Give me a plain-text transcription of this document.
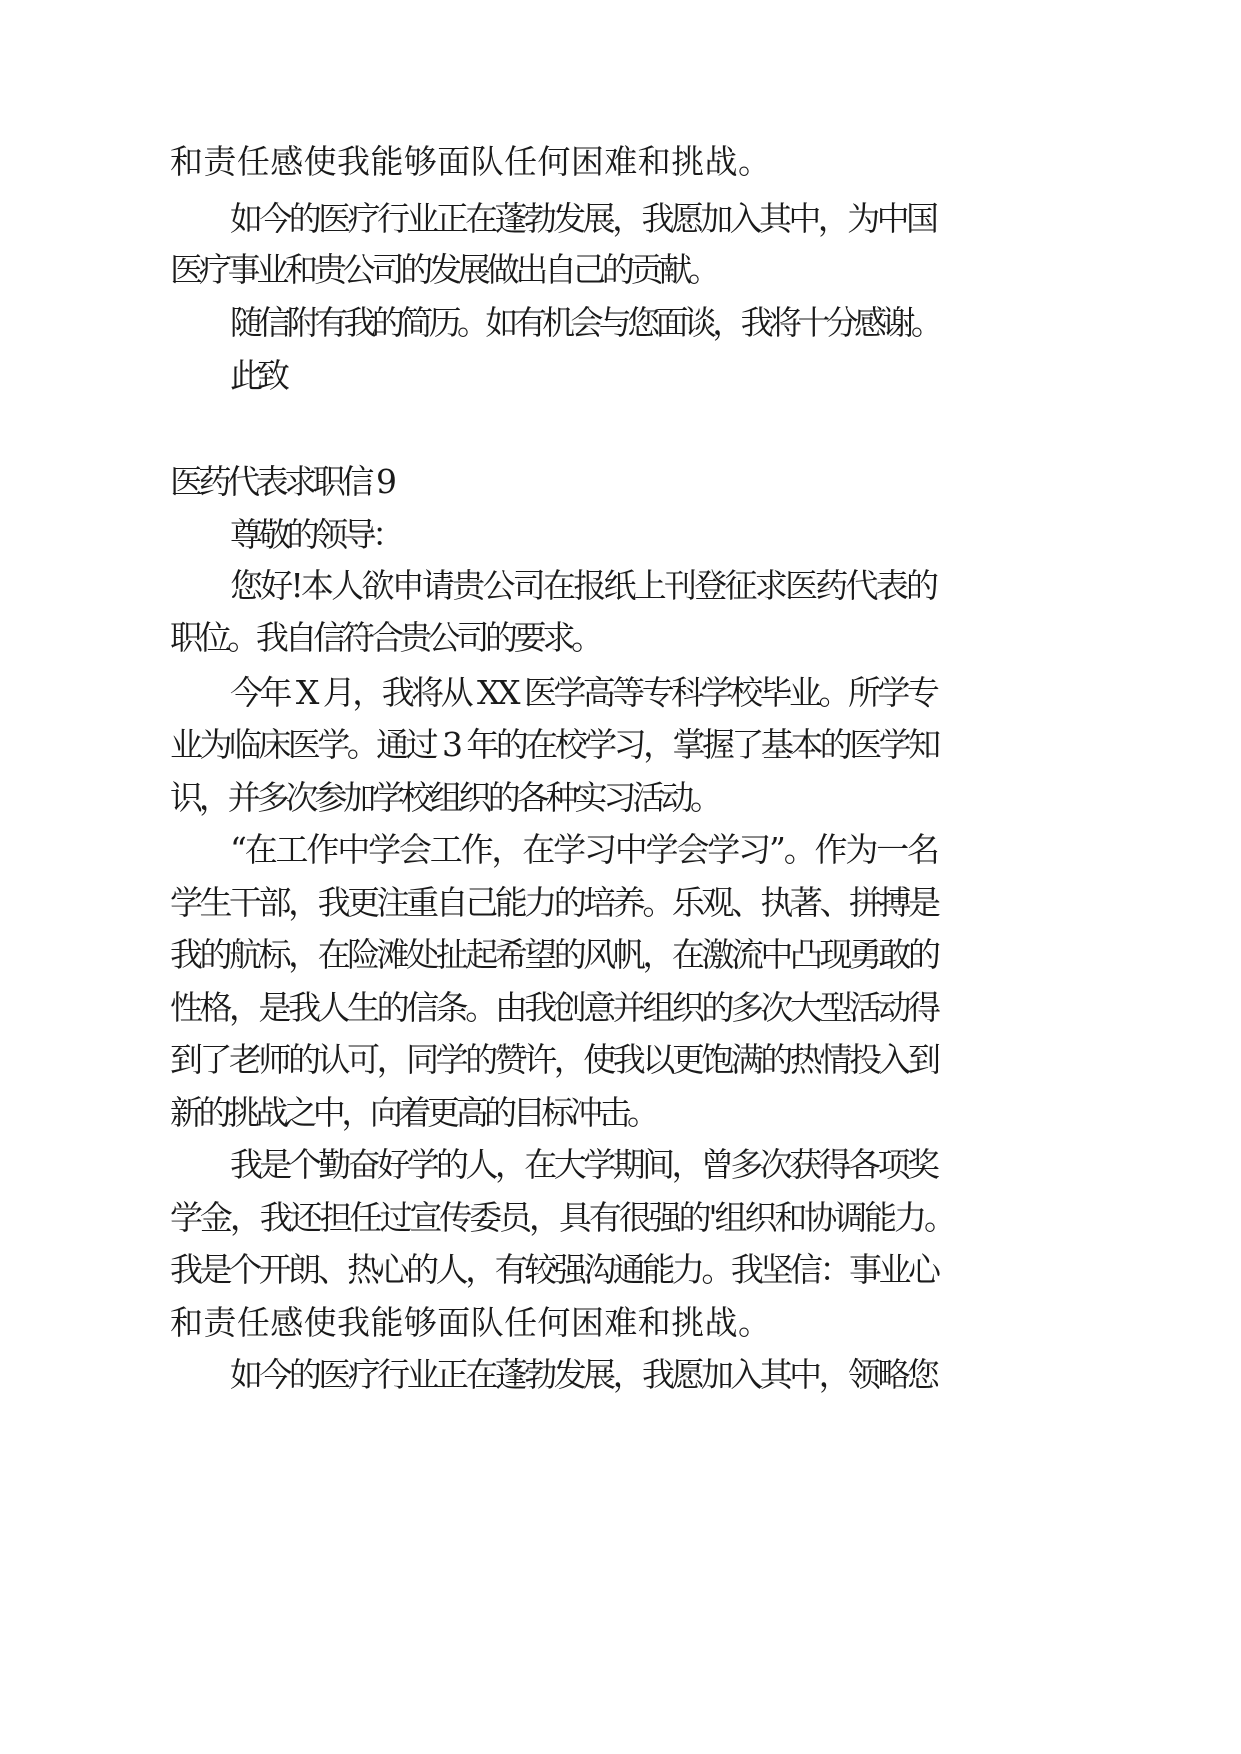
和责任感使我能够面队任何困难和挑战。

如今的医疗行业正在蓬勃发展，我愿加入其中，为中国

医疗事业和贵公司的发展做出自己的贡献。

随信附有我的简历。如有机会与您面谈，我将十分感谢。

此致

医药代表求职信 9

尊敬的领导：

您好!本人欲申请贵公司在报纸上刊登征求医药代表的

职位。我自信符合贵公司的要求。

今年 X 月，我将从 XX 医学高等专科学校毕业。所学专

业为临床医学。通过 3 年的在校学习，掌握了基本的医学知

识，并多次参加学校组织的各种实习活动。

“在工作中学会工作，在学习中学会学习”。作为一名

学生干部，我更注重自己能力的培养。乐观、执著、拼搏是

我的航标，在险滩处扯起希望的风帆，在激流中凸现勇敢的

性格，是我人生的信条。由我创意并组织的多次大型活动得

到了老师的认可，同学的赞许，使我以更饱满的热情投入到

新的挑战之中，向着更高的目标冲击。

我是个勤奋好学的人，在大学期间，曾多次获得各项奖

学金，我还担任过宣传委员，具有很强的'组织和协调能力。

我是个开朗、热心的人，有较强沟通能力。我坚信：事业心

和责任感使我能够面队任何困难和挑战。

如今的医疗行业正在蓬勃发展，我愿加入其中，领略您
